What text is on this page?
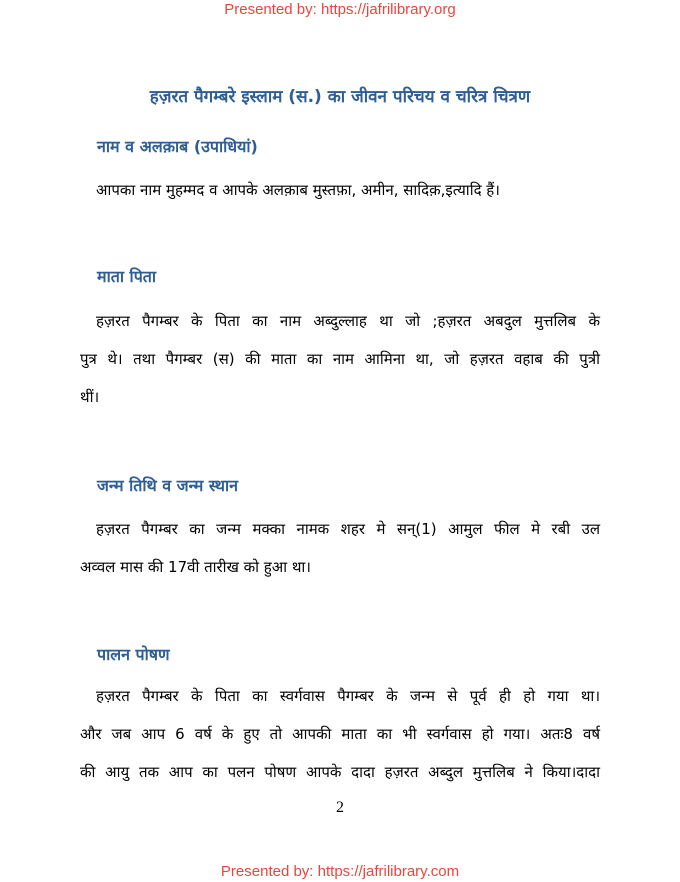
Presented by: https://jafrilibrary.org
हज़रत पैगम्बरे इस्लाम (स.) का जीवन परिचय व चरित्र चित्रण
नाम व अलक़ाब (उपाधियां)
आपका नाम मुहम्मद व आपके अलक़ाब मुस्तफ़ा, अमीन, सादिक़,इत्यादि हैं।
माता पिता
हज़रत पैगम्बर के पिता का नाम अब्दुल्लाह था जो ;हज़रत अबदुल मुत्तलिब के
पुत्र थे। तथा पैगम्बर (स) की माता का नाम आमिना था, जो हज़रत वहाब की पुत्री
थीं।
जन्म तिथि व जन्म स्थान
हज़रत पैगम्बर का जन्म मक्का नामक शहर मे सन्(1) आमुल फील मे रबी उल
अव्वल मास की 17वी तारीख को हुआ था।
पालन पोषण
हज़रत पैगम्बर के पिता का स्वर्गवास पैगम्बर के जन्म से पूर्व ही हो गया था।
और जब आप 6 वर्ष के हुए तो आपकी माता का भी स्वर्गवास हो गया। अतः8 वर्ष
की आयु तक आप का पलन पोषण आपके दादा हज़रत अब्दुल मुत्तलिब ने किया।दादा
2
Presented by: https://jafrilibrary.com
